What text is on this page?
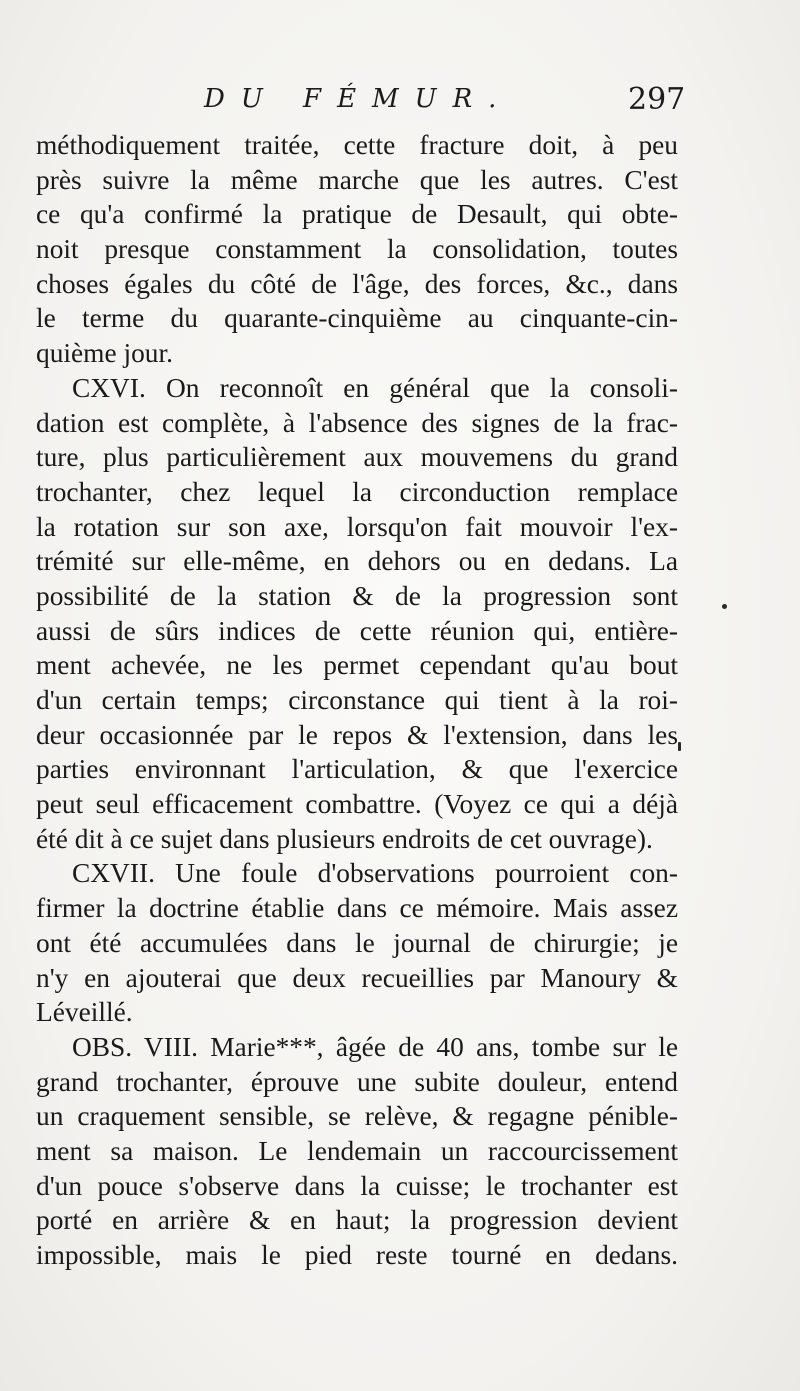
DU FÉMUR.	297
méthodiquement traitée, cette fracture doit, à peu
près suivre la même marche que les autres. C'est
ce qu'a confirmé la pratique de Desault, qui obte-
noit presque constamment la consolidation, toutes
choses égales du côté de l'âge, des forces, &c., dans
le terme du quarante-cinquième au cinquante-cin-
quième jour.
CXVI. On reconnoît en général que la consoli-
dation est complète, à l'absence des signes de la frac-
ture, plus particulièrement aux mouvemens du grand
trochanter, chez lequel la circonduction remplace
la rotation sur son axe, lorsqu'on fait mouvoir l'ex-
trémité sur elle-même, en dehors ou en dedans. La
possibilité de la station & de la progression sont
aussi de sûrs indices de cette réunion qui, entière-
ment achevée, ne les permet cependant qu'au bout
d'un certain temps; circonstance qui tient à la roi-
deur occasionnée par le repos & l'extension, dans les
parties environnant l'articulation, & que l'exercice
peut seul efficacement combattre. (Voyez ce qui a déjà
été dit à ce sujet dans plusieurs endroits de cet ouvrage).
CXVII. Une foule d'observations pourroient con-
firmer la doctrine établie dans ce mémoire. Mais assez
ont été accumulées dans le journal de chirurgie; je
n'y en ajouterai que deux recueillies par Manoury &
Léveillé.
OBS. VIII. Marie***, âgée de 40 ans, tombe sur le
grand trochanter, éprouve une subite douleur, entend
un craquement sensible, se relève, & regagne pénible-
ment sa maison. Le lendemain un raccourcissement
d'un pouce s'observe dans la cuisse; le trochanter est
porté en arrière & en haut; la progression devient
impossible, mais le pied reste tourné en dedans.
